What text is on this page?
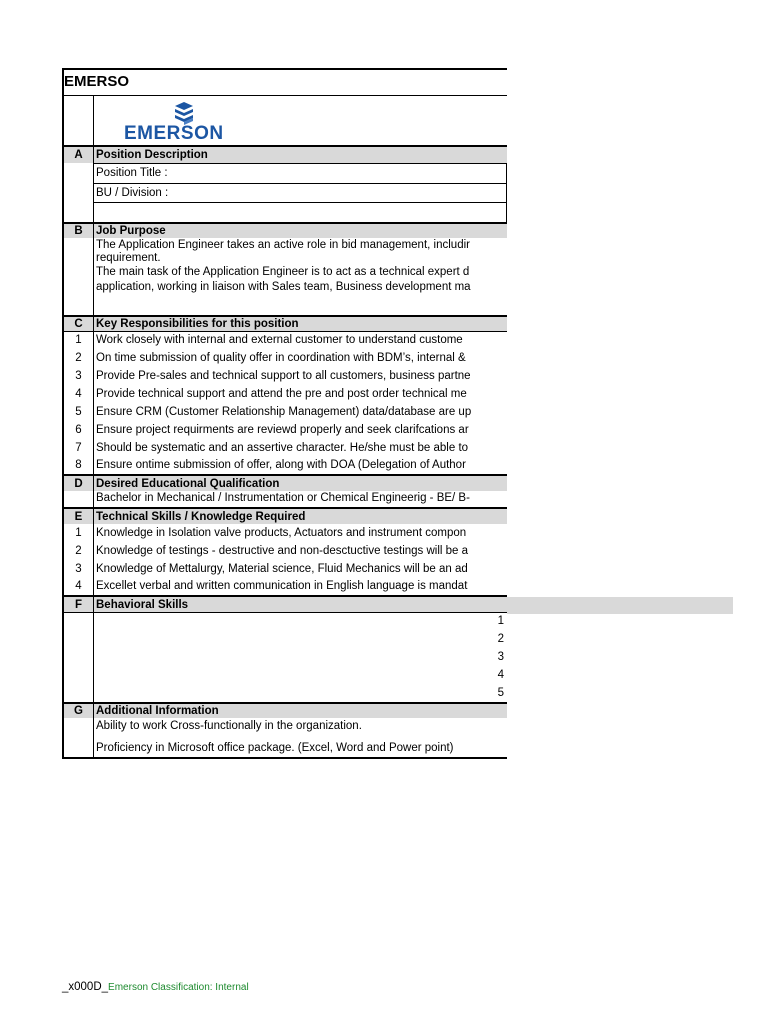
EMERSO
EMERSON
A	Position Description
Position Title :
BU / Division :
B	Job Purpose
The Application Engineer takes an active role in bid management, includir
requirement.
The main task of the Application Engineer is to act as a technical expert d
application, working in liaison with Sales team, Business development ma
C	Key Responsibilities for this position
1	Work closely with internal and external customer to understand custome
2	On time submission of quality offer in coordination with BDM’s, internal &
3	Provide Pre-sales and technical support to all customers, business partne
4	Provide technical support and attend the pre and post order technical me
5	Ensure CRM (Customer Relationship Management) data/database are up
6	Ensure project requirments are reviewd properly and seek clarifcations ar
7	Should be systematic and an assertive character. He/she must be able to
8	Ensure ontime submission of offer, along with DOA (Delegation of Author
D	Desired Educational Qualification
Bachelor in Mechanical / Instrumentation or Chemical Engineerig - BE/ B-
E	Technical Skills / Knowledge Required
1	Knowledge in Isolation valve products, Actuators and instrument compon
2	Knowledge of testings - destructive and non-desctuctive testings will be a
3	Knowledge of Mettalurgy, Material science, Fluid Mechanics will be an ad
4	Excellet verbal and written communication in English language is mandat
F	Behavioral Skills
1
2
3
4
5
G	Additional Information
Ability to work Cross-functionally in the organization.
Proficiency in Microsoft office package. (Excel, Word and Power point)
_x000D_Emerson Classification: Internal
